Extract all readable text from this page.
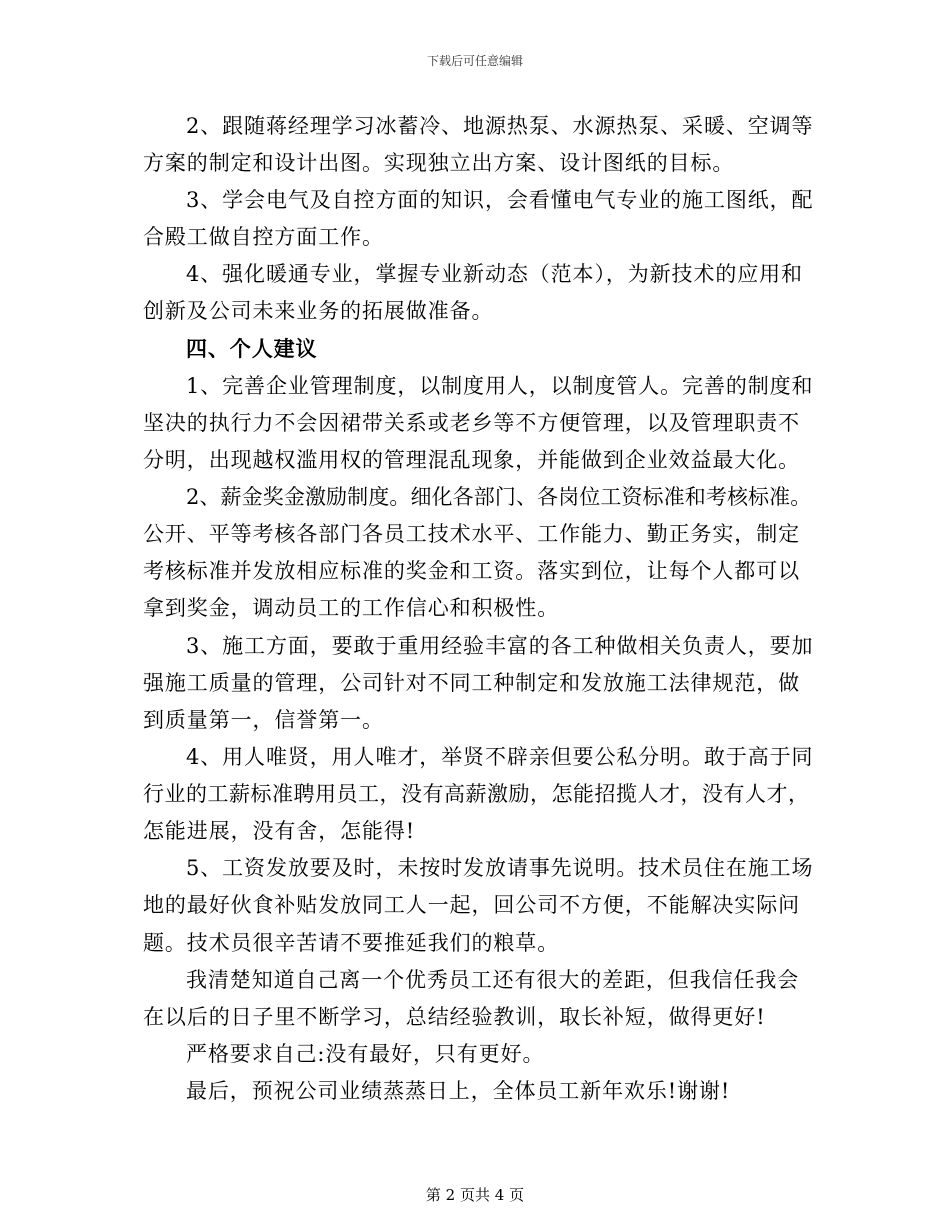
下载后可任意编辑
2、跟随蒋经理学习冰蓄冷、地源热泵、水源热泵、采暖、空调等
方案的制定和设计出图。实现独立出方案、设计图纸的目标。
3、学会电气及自控方面的知识，会看懂电气专业的施工图纸，配
合殿工做自控方面工作。
4、强化暖通专业，掌握专业新动态（范本），为新技术的应用和
创新及公司未来业务的拓展做准备。
四、个人建议
1、完善企业管理制度，以制度用人，以制度管人。完善的制度和
坚决的执行力不会因裙带关系或老乡等不方便管理，以及管理职责不
分明，出现越权滥用权的管理混乱现象，并能做到企业效益最大化。
2、薪金奖金激励制度。细化各部门、各岗位工资标准和考核标准。
公开、平等考核各部门各员工技术水平、工作能力、勤正务实，制定
考核标准并发放相应标准的奖金和工资。落实到位，让每个人都可以
拿到奖金，调动员工的工作信心和积极性。
3、施工方面，要敢于重用经验丰富的各工种做相关负责人，要加
强施工质量的管理，公司针对不同工种制定和发放施工法律规范，做
到质量第一，信誉第一。
4、用人唯贤，用人唯才，举贤不辟亲但要公私分明。敢于高于同
行业的工薪标准聘用员工，没有高薪激励，怎能招揽人才，没有人才，
怎能进展，没有舍，怎能得!
5、工资发放要及时，未按时发放请事先说明。技术员住在施工场
地的最好伙食补贴发放同工人一起，回公司不方便，不能解决实际问
题。技术员很辛苦请不要推延我们的粮草。
我清楚知道自己离一个优秀员工还有很大的差距，但我信任我会
在以后的日子里不断学习，总结经验教训，取长补短，做得更好!
严格要求自己:没有最好，只有更好。
最后，预祝公司业绩蒸蒸日上，全体员工新年欢乐!谢谢!
第 2 页共 4 页
